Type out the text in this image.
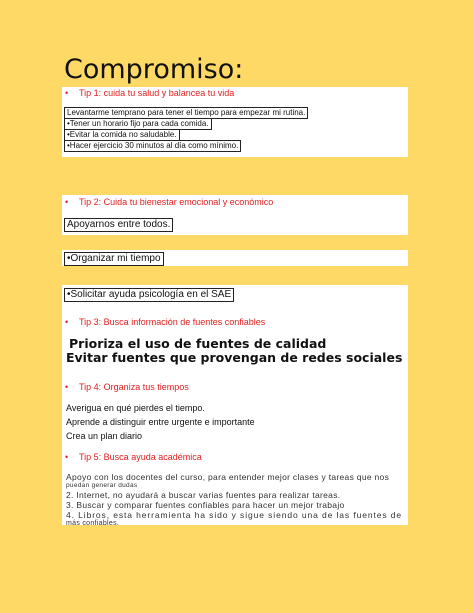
Compromiso:
• Tip 1: cuida tu salud y balancea tu vida
Levantarme temprano para tener el tiempo para empezar mi rutina.
•Tener un horario fijo para cada comida.
•Evitar la comida no saludable.
•Hacer ejercicio 30 minutos al día como mínimo.
• Tip 2: Cuida tu bienestar emocional y económico
Apoyarnos entre todos.
•Organizar mi tiempo
•Solicitar ayuda psicología en el SAE
• Tip 3: Busca información de fuentes confiables
Prioriza el uso de fuentes de calidad
Evitar fuentes que provengan de redes sociales
• Tip 4: Organiza tus tiempos
Averigua en qué pierdes el tiempo.
Aprende a distinguir entre urgente e importante
Crea un plan diario
• Tip 5: Busca ayuda académica
Apoyo con los docentes del curso, para entender mejor clases y tareas que nos
puedan generar dudas
2. Internet, no ayudará a buscar varias fuentes para realizar tareas.
3. Buscar y comparar fuentes confiables para hacer un mejor trabajo
4. Libros, esta herramienta ha sido y sigue siendo una de las fuentes de
más confiables.
